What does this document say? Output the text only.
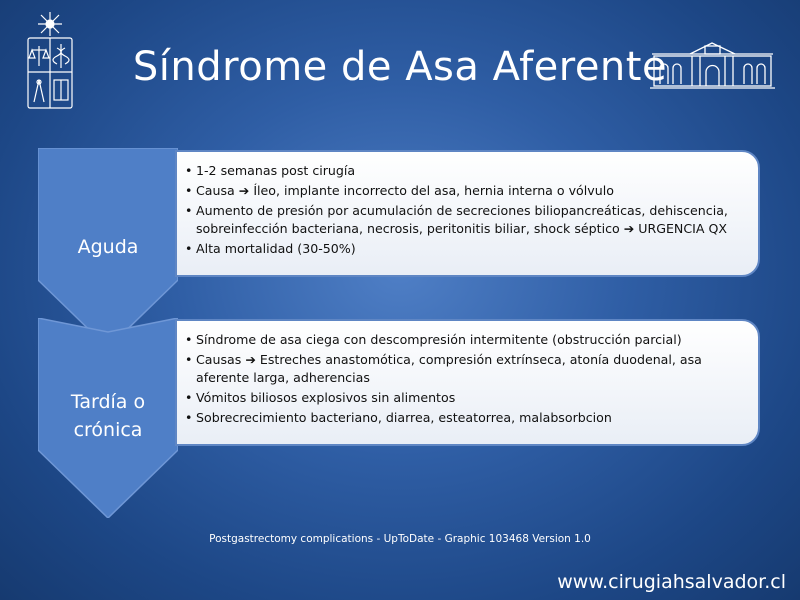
Síndrome de Asa Aferente
Aguda
• 1-2 semanas post cirugía
• Causa ➔ Íleo, implante incorrecto del asa, hernia interna o vólvulo
• Aumento de presión por acumulación de secreciones biliopancreáticas, dehiscencia, sobreinfección bacteriana, necrosis, peritonitis biliar, shock séptico ➔ URGENCIA QX
• Alta mortalidad (30-50%)
Tardía o
crónica
• Síndrome de asa ciega con descompresión intermitente (obstrucción parcial)
• Causas ➔ Estreches anastomótica, compresión extrínseca, atonía duodenal, asa aferente larga, adherencias
• Vómitos biliosos explosivos sin alimentos
• Sobrecrecimiento bacteriano, diarrea, esteatorrea, malabsorbcion
Postgastrectomy complications - UpToDate - Graphic 103468 Version 1.0
www.cirugiahsalvador.cl
